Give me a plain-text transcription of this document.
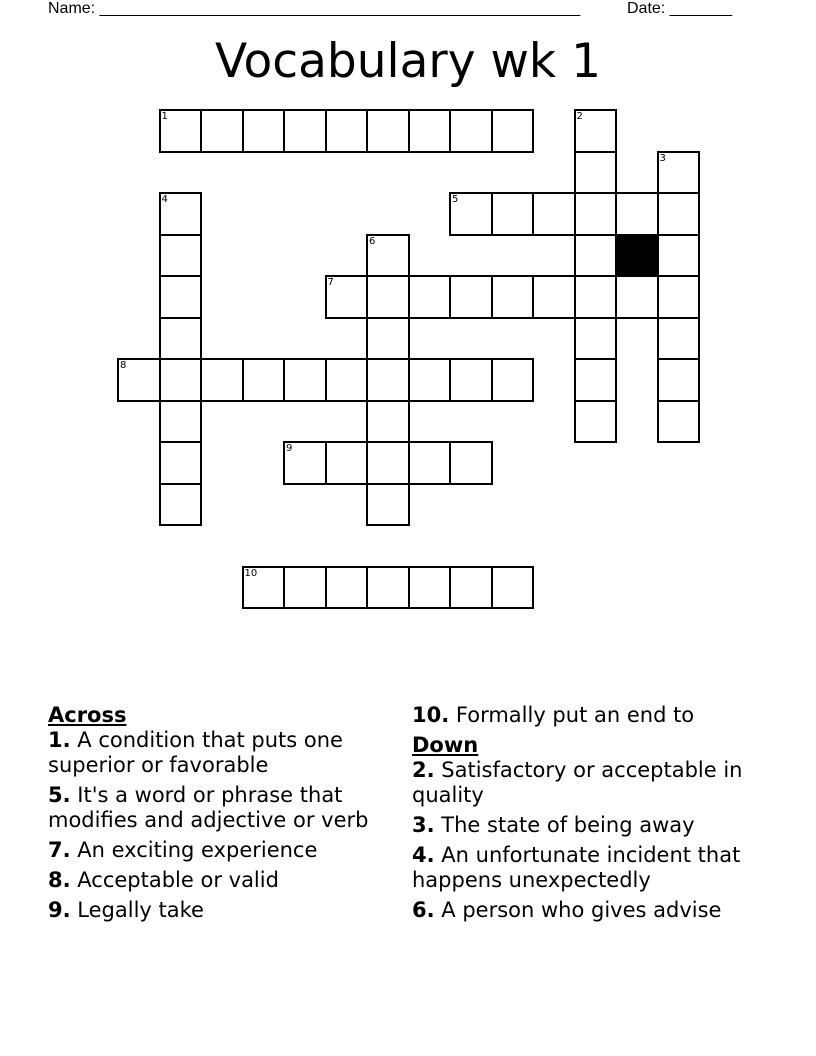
Name: ______________________________________________________	Date: _______
Vocabulary wk 1
1	2
3
4	5
6
7
8
9
10
Across
1. A condition that puts one superior or favorable
5. It's a word or phrase that modifies and adjective or verb
7. An exciting experience
8. Acceptable or valid
9. Legally take
10. Formally put an end to
Down
2. Satisfactory or acceptable in quality
3. The state of being away
4. An unfortunate incident that happens unexpectedly
6. A person who gives advise
